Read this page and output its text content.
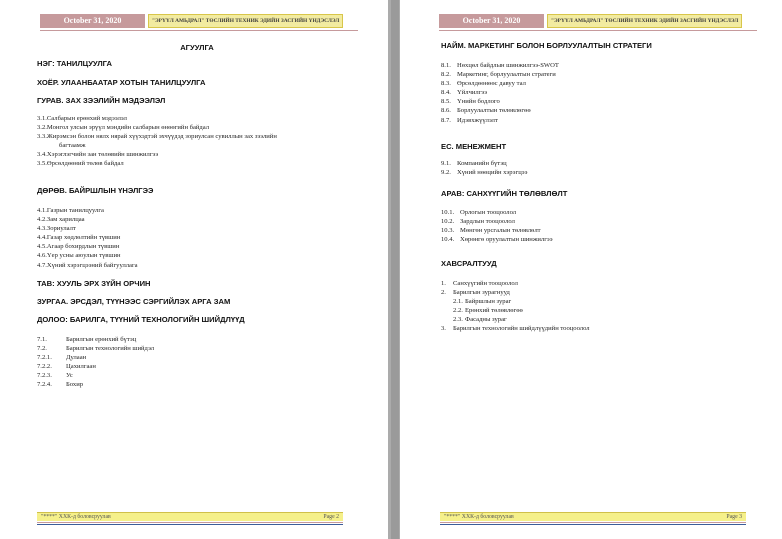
October 31, 2020	"ЭРҮҮЛ АМЬДРАЛ" ТӨСЛИЙН ТЕХНИК ЭДИЙН ЗАСГИЙН ҮНДЭСЛЭЛ
АГУУЛГА
НЭГ: ТАНИЛЦУУЛГА
ХОЁР. УЛААНБААТАР ХОТЫН ТАНИЛЦУУЛГА
ГУРАВ. ЗАХ ЗЭЭЛИЙН МЭДЭЭЛЭЛ
3.1.Салбарын ерөнхий мэдээлэл
3.2.Монгол улсын эрүүл мэндийн салбарын өнөөгийн байдал
3.3.Жирэмсэн болон нялх нярай хүүхэдтэй эхчүүдэд зориулсан сувиллын зах зээлийн
багтаамж
3.4.Хэрэглэгчийн зан төлөвийн шинжилгээ
3.5.Өрсөлдөөний төлөв байдал
ДӨРӨВ. БАЙРШЛЫН ҮНЭЛГЭЭ
4.1.Газрын танилцуулга
4.2.Зам харилцаа
4.3.Зориулалт
4.4.Газар хөдлөлтийн түвшин
4.5.Агаар бохирдлын түвшин
4.6.Үер усны аюулын түвшин
4.7.Хүний хэрэгцээний байгууллага
ТАВ: ХУУЛЬ ЭРХ ЗҮЙН ОРЧИН
ЗУРГАА. ЭРСДЭЛ, ТҮҮНЭЭС СЭРГИЙЛЭХ АРГА ЗАМ
ДОЛОО: БАРИЛГА, ТҮҮНИЙ ТЕХНОЛОГИЙН ШИЙДЛҮҮД
7.1.	Барилгын ерөнхий бүтэц
7.2.	Барилгын технологийн шийдэл
7.2.1. Дулаан
7.2.2. Цахилгаан
7.2.3. Ус
7.2.4. Бохир
"****" ХХК-д боловсруулав	Page 2
October 31, 2020	"ЭРҮҮЛ АМЬДРАЛ" ТӨСЛИЙН ТЕХНИК ЭДИЙН ЗАСГИЙН ҮНДЭСЛЭЛ
НАЙМ. МАРКЕТИНГ БОЛОН БОРЛУУЛАЛТЫН СТРАТЕГИ
8.1. Нөхцөл байдлын шинжилгээ-SWOT
8.2. Маркетинг, борлуулалтын стратеги
8.3. Өрсөлдөөнөөс давуу тал
8.4. Үйлчилгээ
8.5. Үнийн бодлого
8.6. Борлуулалтын төлөвлөгөө
8.7. Идэвхжүүлэлт
ЕС. МЕНЕЖМЕНТ
9.1. Компанийн бүтэц
9.2. Хүний нөөцийн хэрэгцээ
АРАВ: САНХҮҮГИЙН ТӨЛӨВЛӨЛТ
10.1. Орлогын тооцоолол
10.2. Зардлын тооцоолол
10.3. Мөнгөн урсгалын төлөвлөлт
10.4. Хөрөнгө оруулалтын шинжилгээ
ХАВСРАЛТУУД
1. Санхүүгийн тооцоолол
2. Барилгын зурагнууд
2.1. Байршлын зураг
2.2. Ерөнхий төлөвлөгөө
2.3. Фасадны зураг
3. Барилгын технологийн шийдлүүдийн тооцоолол
"****" ХХК-д боловсруулав	Page 3
